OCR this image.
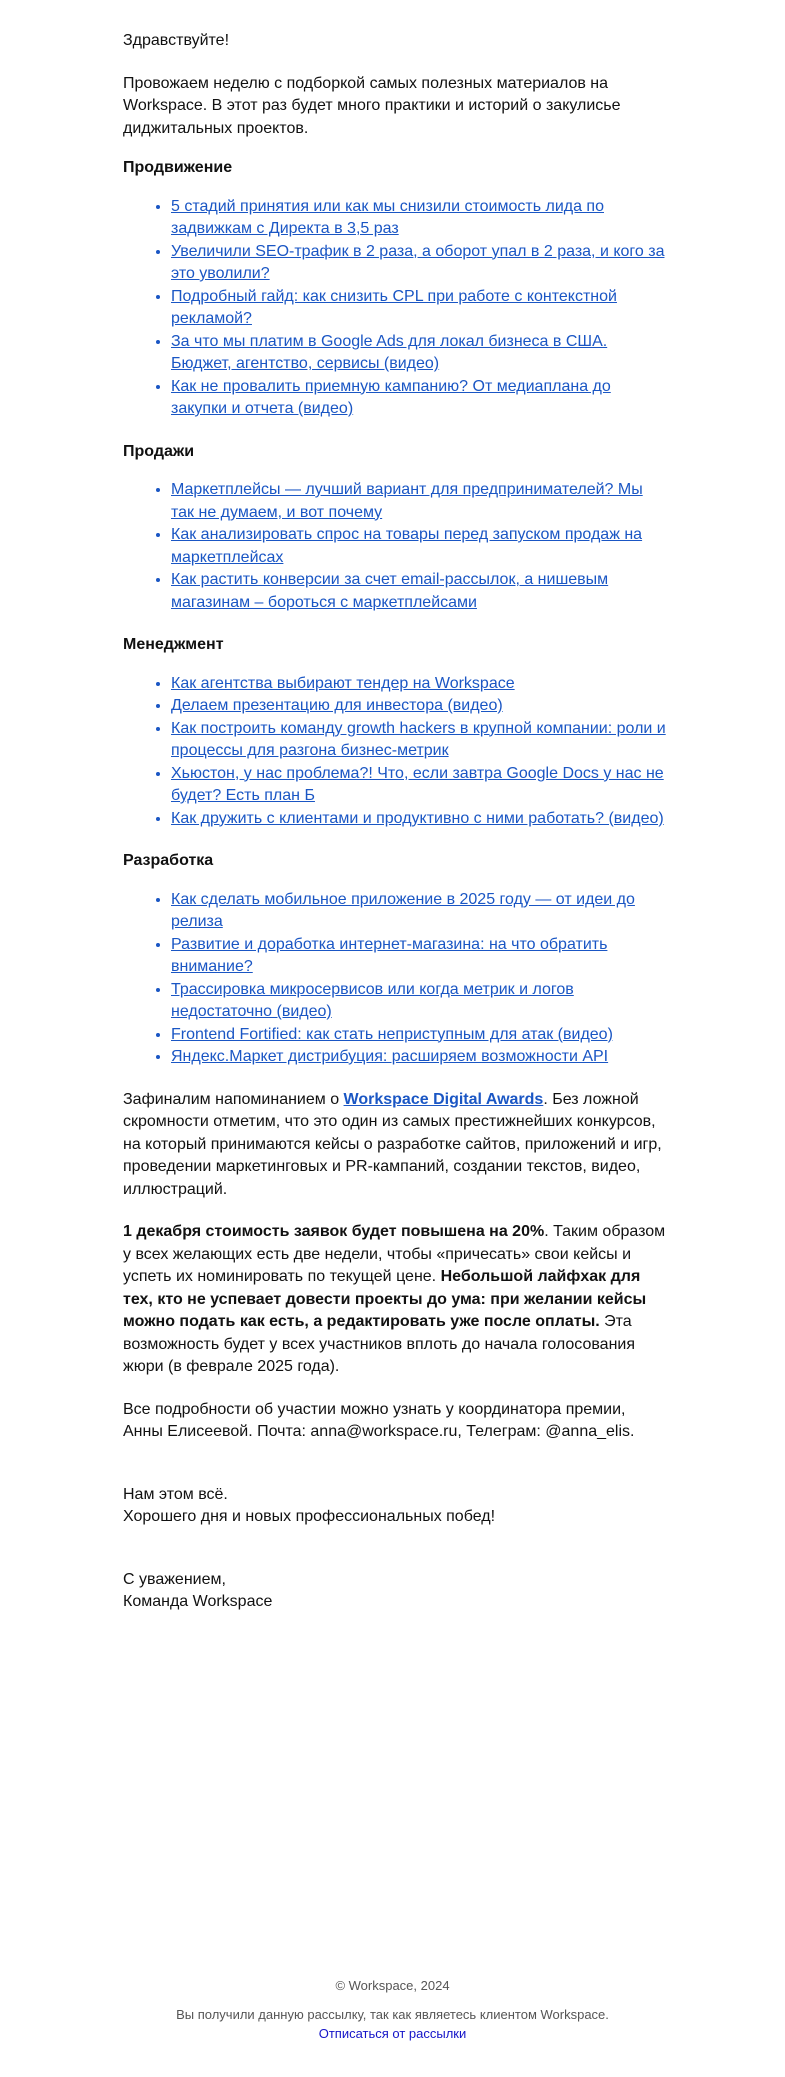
Здравствуйте!

Провожаем неделю с подборкой самых полезных материалов на Workspace. В этот раз будет много практики и историй о закулисье диджитальных проектов.

Продвижение
• 5 стадий принятия или как мы снизили стоимость лида по задвижкам с Директа в 3,5 раз
• Увеличили SEO-трафик в 2 раза, а оборот упал в 2 раза, и кого за это уволили?
• Подробный гайд: как снизить CPL при работе с контекстной рекламой?
• За что мы платим в Google Ads для локал бизнеса в США. Бюджет, агентство, сервисы (видео)
• Как не провалить приемную кампанию? От медиаплана до закупки и отчета (видео)
Продажи
• Маркетплейсы — лучший вариант для предпринимателей? Мы так не думаем, и вот почему
• Как анализировать спрос на товары перед запуском продаж на маркетплейсах
• Как растить конверсии за счет email-рассылок, а нишевым магазинам – бороться с маркетплейсами
Менеджмент
• Как агентства выбирают тендер на Workspace
• Делаем презентацию для инвестора (видео)
• Как построить команду growth hackers в крупной компании: роли и процессы для разгона бизнес-метрик
• Хьюстон, у нас проблема?! Что, если завтра Google Docs у нас не будет? Есть план Б
• Как дружить с клиентами и продуктивно с ними работать? (видео)
Разработка
• Как сделать мобильное приложение в 2025 году — от идеи до релиза
• Развитие и доработка интернет-магазина: на что обратить внимание?
• Трассировка микросервисов или когда метрик и логов недостаточно (видео)
• Frontend Fortified: как стать неприступным для атак (видео)
• Яндекс.Маркет дистрибуция: расширяем возможности API

Зафиналим напоминанием о Workspace Digital Awards. Без ложной скромности отметим, что это один из самых престижнейших конкурсов, на который принимаются кейсы о разработке сайтов, приложений и игр, проведении маркетинговых и PR-кампаний, создании текстов, видео, иллюстраций.

1 декабря стоимость заявок будет повышена на 20%. Таким образом у всех желающих есть две недели, чтобы «причесать» свои кейсы и успеть их номинировать по текущей цене. Небольшой лайфхак для тех, кто не успевает довести проекты до ума: при желании кейсы можно подать как есть, а редактировать уже после оплаты. Эта возможность будет у всех участников вплоть до начала голосования жюри (в феврале 2025 года).

Все подробности об участии можно узнать у координатора премии, Анны Елисеевой. Почта: anna@workspace.ru, Телеграм: @anna_elis.

Нам этом всё.
Хорошего дня и новых профессиональных побед!

С уважением,
Команда Workspace

© Workspace, 2024
Вы получили данную рассылку, так как являетесь клиентом Workspace.
Отписаться от рассылки
